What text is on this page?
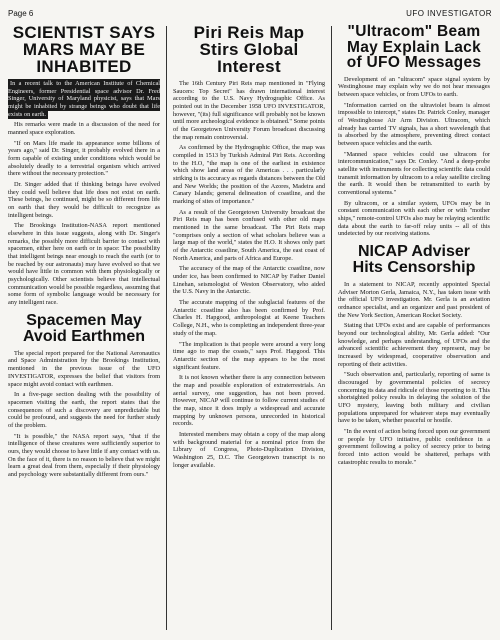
Page 6	UFO INVESTIGATOR
SCIENTIST SAYS
MARS MAY BE
INHABITED

In a recent talk to the American Institute of Chemical Engineers, former Presidential space advisor Dr. Fred Singer, University of Maryland physicist, says that Mars might be inhabited by strange beings who doubt that life exists on earth.

His remarks were made in a discussion of the need for manned space exploration.

"If on Mars life made its appearance some billions of years ago," said Dr. Singer, it probably evolved there in a form capable of existing under conditions which would be absolutely deadly to a terrestrial organism which arrived there without the necessary protection."

Dr. Singer added that if thinking beings have evolved they could well believe that life does not exist on earth. These beings, he continued, might be so different from life on earth that they would be difficult to recognize as intelligent beings.

The Brookings Institution-NASA report mentioned elsewhere in this issue suggests, along with Dr. Singer's remarks, the possibly more difficult barrier to contact with spacemen, either here on earth or in space: The possibility that intelligent beings near enough to reach the earth (or to be reached by our astronauts) may have evolved so that we would have little in common with them physiologically or psychologically. Other scientists believe that intellectual communication would be possible regardless, assuming that some form of symbolic language would be necessary for any intelligent race.

Spacemen May
Avoid Earthmen

The special report prepared for the National Aeronautics and Space Administration by the Brookings Institution, mentioned in the previous issue of the UFO INVESTIGATOR, expresses the belief that visitors from space might avoid contact with earthmen.

In a five-page section dealing with the possibility of spacemen visiting the earth, the report states that the consequences of such a discovery are unpredictable but could be profound, and suggests the need for further study of the problem.

"It is possible," the NASA report says, "that if the intelligence of these creatures were sufficiently superior to ours, they would choose to have little if any contact with us. On the face of it, there is no reason to believe that we might learn a great deal from them, especially if their physiology and psychology were substantially different from ours."

Piri Reis Map
Stirs Global
Interest

The 16th Century Piri Reis map mentioned in "Flying Saucers: Top Secret" has drawn international interest according to the U.S. Navy Hydrographic Office. As pointed out in the December 1958 UFO INVESTIGATOR, however, "(its) full significance will probably not be known until more archeological evidence is obtained." Some points of the Georgetown University Forum broadcast discussing the map remain controversial.

As confirmed by the Hydrographic Office, the map was compiled in 1513 by Turkish Admiral Piri Reis. According to the H.O, "the map is one of the earliest in existence which show land areas of the Americas . . . particularly striking is its accuracy as regards distances between the Old and New Worlds; the position of the Azores, Madeira and Canary Islands; general delineation of coastline, and the marking of sites of importance."

As a result of the Georgetown University broadcast the Piri Reis map has been confused with other old maps mentioned in the same broadcast. The Piri Reis map "comprises only a section of what scholars believe was a large map of the world," states the H.O. It shows only part of the Antarctic coastline, South America, the east coast of North America, and parts of Africa and Europe.

The accuracy of the map of the Antarctic coastline, now under ice, has been confirmed to NICAP by Father Daniel Linehan, seismologist of Weston Observatory, who aided the U.S. Navy in the Antarctic.

The accurate mapping of the subglacial features of the Antarctic coastline also has been confirmed by Prof. Charles H. Hapgood, anthropologist at Keene Teachers College, N.H., who is completing an independent three-year study of the map.

"The implication is that people were around a very long time ago to map the coasts," says Prof. Hapgood. This Antarctic section of the map appears to be the most significant feature.

It is not known whether there is any connection between the map and possible exploration of extraterrestrials. An aerial survey, one suggestion, has not been proved. However, NICAP will continue to follow current studies of the map, since it does imply a widespread and accurate mapping by unknown persons, unrecorded in historical records.

Interested members may obtain a copy of the map along with background material for a nominal price from the Library of Congress, Photo-Duplication Division, Washington 25, D.C. The Georgetown transcript is no longer available.

"Ultracom" Beam
May Explain Lack
of UFO Messages

Development of an "ultracom" space signal system by Westinghouse may explain why we do not hear messages between space vehicles, or from UFOs to earth.

"Information carried on the ultraviolet beam is almost impossible to intercept," states Dr. Patrick Conley, manager of Westinghouse Air Arm Division. Ultracom, which already has carried TV signals, has a short wavelength that is absorbed by the atmosphere, preventing direct contact between space vehicles and the earth.

"Manned space vehicles could use ultracom for intercommunication," says Dr. Conley. "And a deep-probe satellite with instruments for collecting scientific data could transmit information by ultracom to a relay satellite circling the earth. It would then be retransmitted to earth by conventional systems."

By ultracom, or a similar system, UFOs may be in constant communication with each other or with "mother ships," remote-control UFOs also may be relaying scientific data about the earth to far-off relay units -- all of this undetected by our receiving stations.

NICAP Adviser
Hits Censorship

In a statement to NICAP, recently appointed Special Adviser Morton Gerla, Jamaica, N.Y., has taken issue with the official UFO investigation. Mr. Gerla is an aviation ordnance specialist, and an organizer and past president of the New York Section, American Rocket Society.

Stating that UFOs exist and are capable of performances beyond our technological ability, Mr. Gerla added: "Our knowledge, and perhaps understanding, of UFOs and the advanced scientific achievement they represent, may be increased by widespread, cooperative observation and reporting of their activities.

"Such observation and, particularly, reporting of same is discouraged by governmental policies of secrecy concerning its data and ridicule of those reporting to it. This shortsighted policy results in delaying the solution of the UFO mystery, leaving both military and civilian populations unprepared for whatever steps may eventually have to be taken, whether peaceful or hostile.

"In the event of action being forced upon our government or people by UFO initiative, public confidence in a government following a policy of secrecy prior to being forced into action would be shattered, perhaps with catastrophic results to morale."
